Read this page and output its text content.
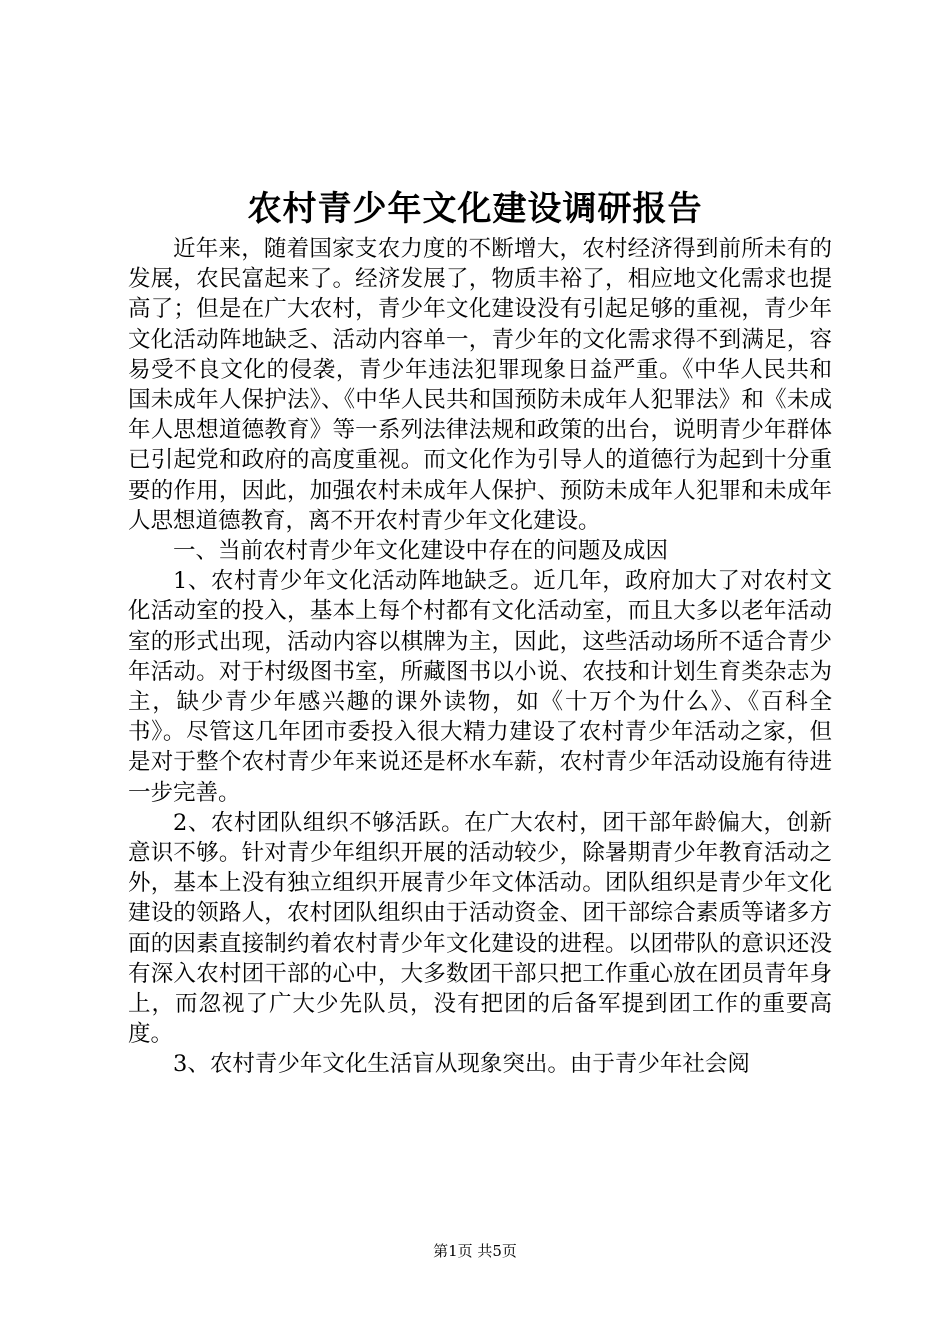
农村青少年文化建设调研报告

近年来，随着国家支农力度的不断增大，农村经济得到前所未有的发展，农民富起来了。经济发展了，物质丰裕了，相应地文化需求也提高了；但是在广大农村，青少年文化建设没有引起足够的重视，青少年文化活动阵地缺乏、活动内容单一，青少年的文化需求得不到满足，容易受不良文化的侵袭，青少年违法犯罪现象日益严重。《中华人民共和国未成年人保护法》、《中华人民共和国预防未成年人犯罪法》和《未成年人思想道德教育》等一系列法律法规和政策的出台，说明青少年群体已引起党和政府的高度重视。而文化作为引导人的道德行为起到十分重要的作用，因此，加强农村未成年人保护、预防未成年人犯罪和未成年人思想道德教育，离不开农村青少年文化建设。

一、当前农村青少年文化建设中存在的问题及成因

1、农村青少年文化活动阵地缺乏。近几年，政府加大了对农村文化活动室的投入，基本上每个村都有文化活动室，而且大多以老年活动室的形式出现，活动内容以棋牌为主，因此，这些活动场所不适合青少年活动。对于村级图书室，所藏图书以小说、农技和计划生育类杂志为主，缺少青少年感兴趣的课外读物，如《十万个为什么》、《百科全书》。尽管这几年团市委投入很大精力建设了农村青少年活动之家，但是对于整个农村青少年来说还是杯水车薪，农村青少年活动设施有待进一步完善。

2、农村团队组织不够活跃。在广大农村，团干部年龄偏大，创新意识不够。针对青少年组织开展的活动较少，除暑期青少年教育活动之外，基本上没有独立组织开展青少年文体活动。团队组织是青少年文化建设的领路人，农村团队组织由于活动资金、团干部综合素质等诸多方面的因素直接制约着农村青少年文化建设的进程。以团带队的意识还没有深入农村团干部的心中，大多数团干部只把工作重心放在团员青年身上，而忽视了广大少先队员，没有把团的后备军提到团工作的重要高度。

3、农村青少年文化生活盲从现象突出。由于青少年社会阅

第1页 共5页
